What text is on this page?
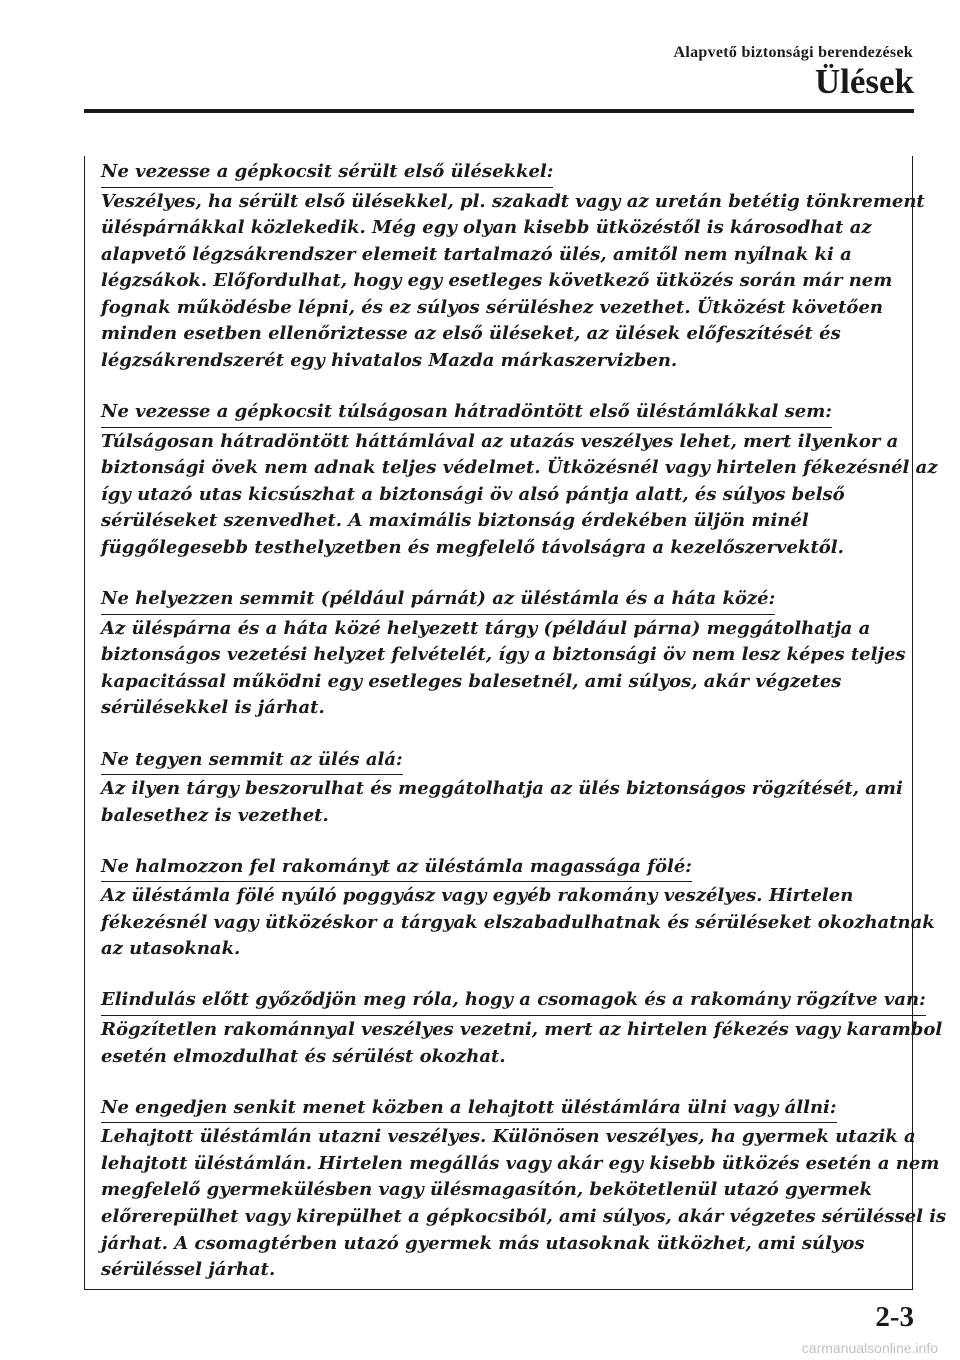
Alapvető biztonsági berendezések
Ülések
Ne vezesse a gépkocsit sérült első ülésekkel:
Veszélyes, ha sérült első ülésekkel, pl. szakadt vagy az uretán betétig tönkrement
üléspárnákkal közlekedik. Még egy olyan kisebb ütközéstől is károsodhat az
alapvető légzsákrendszer elemeit tartalmazó ülés, amitől nem nyílnak ki a
légzsákok. Előfordulhat, hogy egy esetleges következő ütközés során már nem
fognak működésbe lépni, és ez súlyos sérüléshez vezethet. Ütközést követően
minden esetben ellenőriztesse az első üléseket, az ülések előfeszítését és
légzsákrendszerét egy hivatalos Mazda márkaszervizben.
Ne vezesse a gépkocsit túlságosan hátradöntött első üléstámlákkal sem:
Túlságosan hátradöntött háttámlával az utazás veszélyes lehet, mert ilyenkor a
biztonsági övek nem adnak teljes védelmet. Ütközésnél vagy hirtelen fékezésnél az
így utazó utas kicsúszhat a biztonsági öv alsó pántja alatt, és súlyos belső
sérüléseket szenvedhet. A maximális biztonság érdekében üljön minél
függőlegesebb testhelyzetben és megfelelő távolságra a kezelőszervektől.
Ne helyezzen semmit (például párnát) az üléstámla és a háta közé:
Az üléspárna és a háta közé helyezett tárgy (például párna) meggátolhatja a
biztonságos vezetési helyzet felvételét, így a biztonsági öv nem lesz képes teljes
kapacitással működni egy esetleges balesetnél, ami súlyos, akár végzetes
sérülésekkel is járhat.
Ne tegyen semmit az ülés alá:
Az ilyen tárgy beszorulhat és meggátolhatja az ülés biztonságos rögzítését, ami
balesethez is vezethet.
Ne halmozzon fel rakományt az üléstámla magassága fölé:
Az üléstámla fölé nyúló poggyász vagy egyéb rakomány veszélyes. Hirtelen
fékezésnél vagy ütközéskor a tárgyak elszabadulhatnak és sérüléseket okozhatnak
az utasoknak.
Elindulás előtt győződjön meg róla, hogy a csomagok és a rakomány rögzítve van:
Rögzítetlen rakománnyal veszélyes vezetni, mert az hirtelen fékezés vagy karambol
esetén elmozdulhat és sérülést okozhat.
Ne engedjen senkit menet közben a lehajtott üléstámlára ülni vagy állni:
Lehajtott üléstámlán utazni veszélyes. Különösen veszélyes, ha gyermek utazik a
lehajtott üléstámlán. Hirtelen megállás vagy akár egy kisebb ütközés esetén a nem
megfelelő gyermekülésben vagy ülésmagasítón, bekötetlenül utazó gyermek
előrerepülhet vagy kirepülhet a gépkocsiból, ami súlyos, akár végzetes sérüléssel is
járhat. A csomagtérben utazó gyermek más utasoknak ütközhet, ami súlyos
sérüléssel járhat.
2-3
carmanualsonline.info
